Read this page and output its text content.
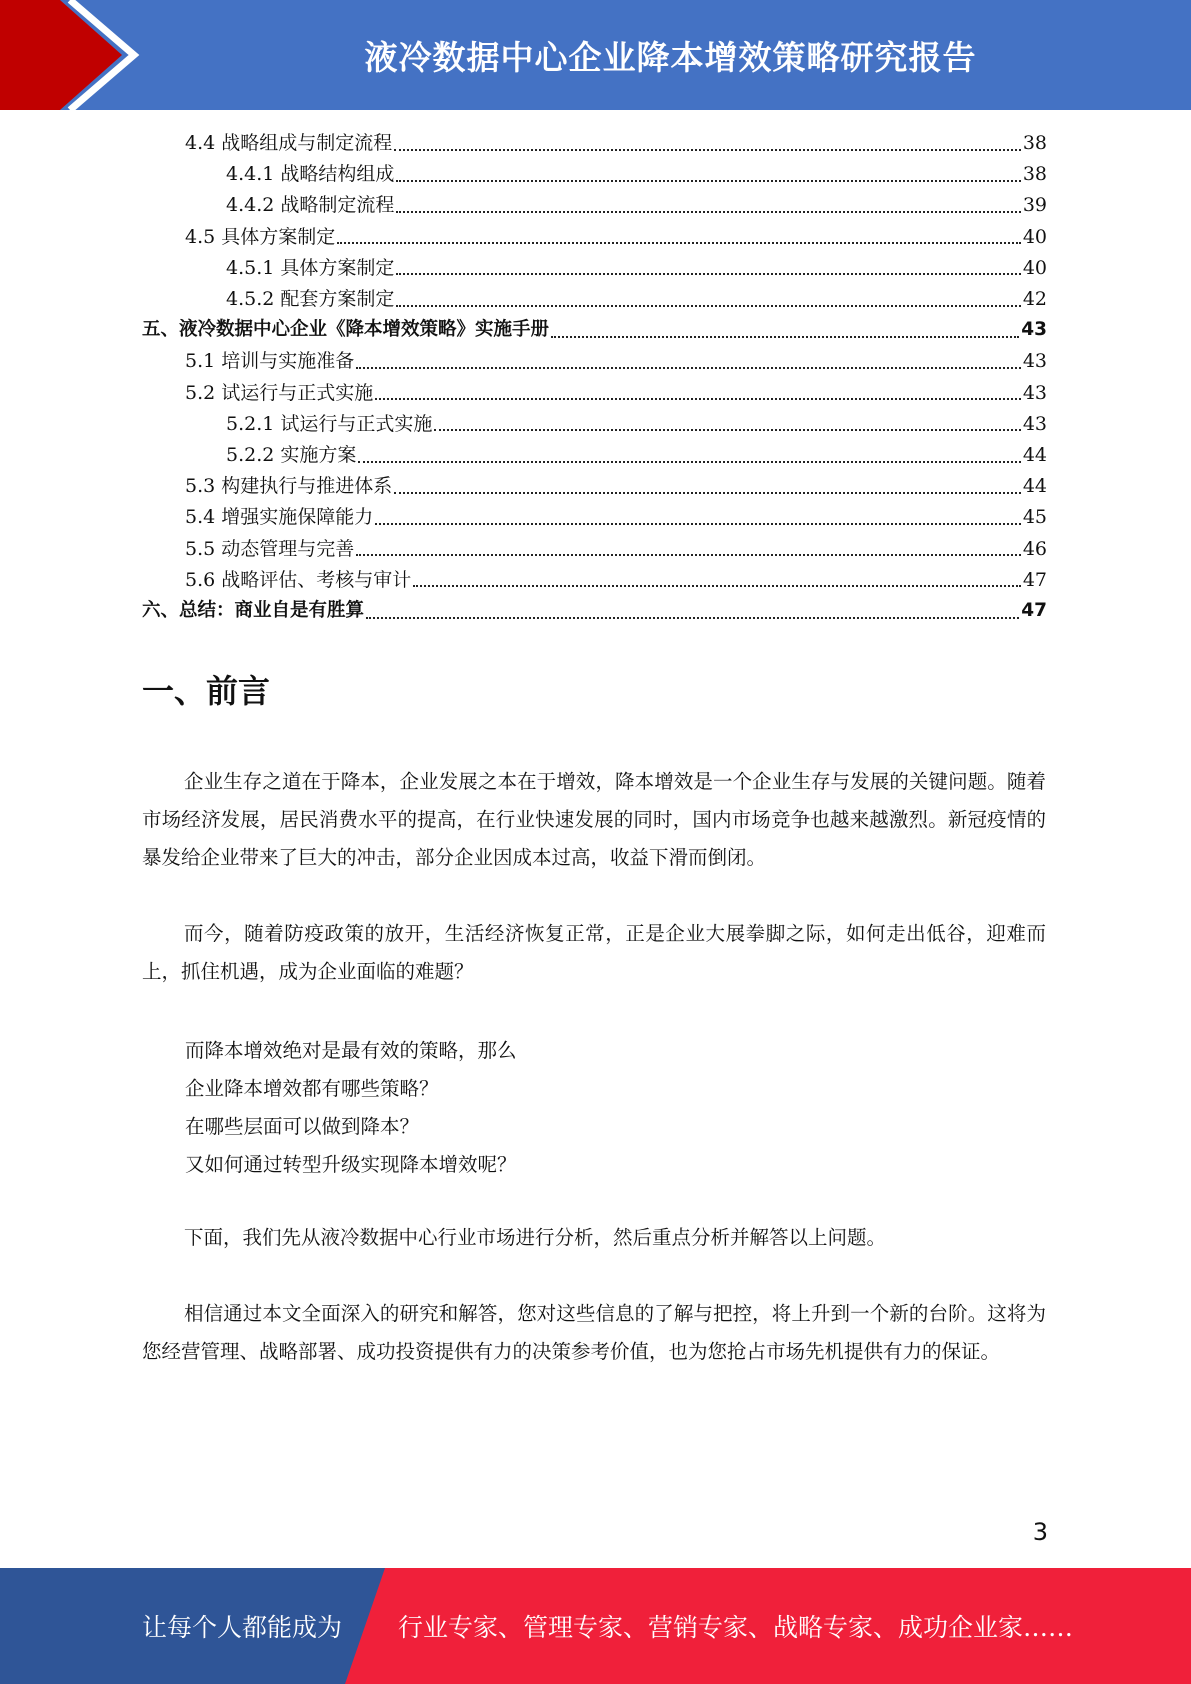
液冷数据中心企业降本增效策略研究报告
4.4 战略组成与制定流程	38
4.4.1 战略结构组成	38
4.4.2 战略制定流程	39
4.5 具体方案制定	40
4.5.1 具体方案制定	40
4.5.2 配套方案制定	42
五、液冷数据中心企业《降本增效策略》实施手册	43
5.1 培训与实施准备	43
5.2 试运行与正式实施	43
5.2.1 试运行与正式实施	43
5.2.2 实施方案	44
5.3 构建执行与推进体系	44
5.4 增强实施保障能力	45
5.5 动态管理与完善	46
5.6 战略评估、考核与审计	47
六、总结：商业自是有胜算	47
一、前言
企业生存之道在于降本，企业发展之本在于增效，降本增效是一个企业生存与发展的关键问题。随着市场经济发展，居民消费水平的提高，在行业快速发展的同时，国内市场竞争也越来越激烈。新冠疫情的暴发给企业带来了巨大的冲击，部分企业因成本过高，收益下滑而倒闭。
而今，随着防疫政策的放开，生活经济恢复正常，正是企业大展拳脚之际，如何走出低谷，迎难而上，抓住机遇，成为企业面临的难题？
而降本增效绝对是最有效的策略，那么
企业降本增效都有哪些策略？
在哪些层面可以做到降本？
又如何通过转型升级实现降本增效呢？
下面，我们先从液冷数据中心行业市场进行分析，然后重点分析并解答以上问题。
相信通过本文全面深入的研究和解答，您对这些信息的了解与把控，将上升到一个新的台阶。这将为您经营管理、战略部署、成功投资提供有力的决策参考价值，也为您抢占市场先机提供有力的保证。
3
让每个人都能成为 行业专家、管理专家、营销专家、战略专家、成功企业家……
